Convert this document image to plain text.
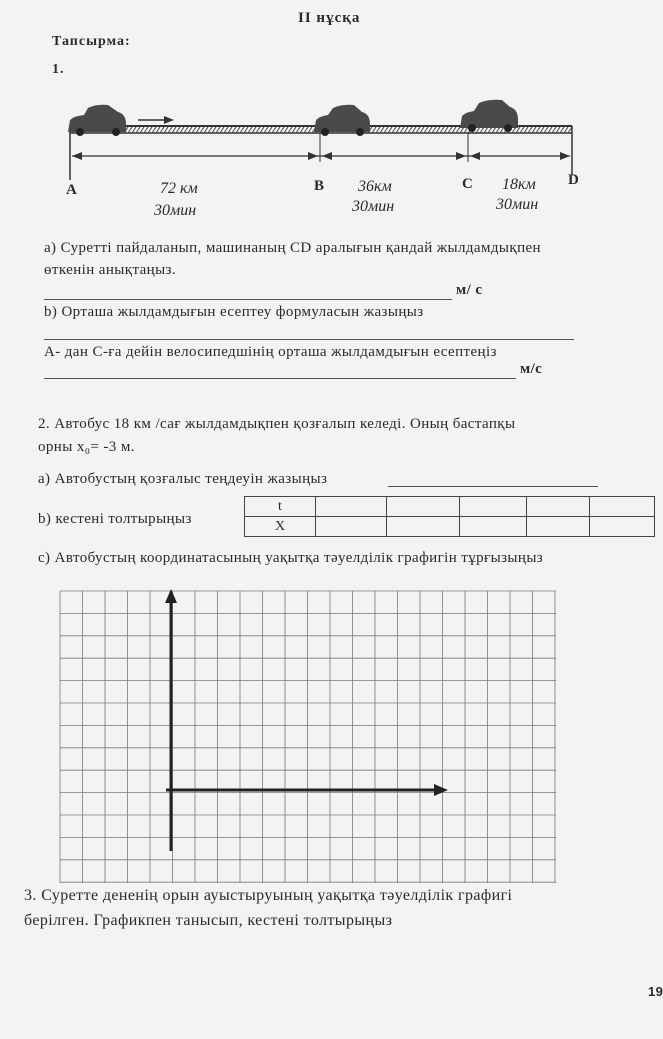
II нұсқа
Тапсырма:
1.
A	B	C	D
72 км
30мин
36км
30мин
18км
30мин
а) Суретті пайдаланып, машинаның CD аралығын қандай жылдамдықпен
өткенін анықтаңыз.
м/ с
b) Орташа жылдамдығын есептеу формуласын жазыңыз
А- дан С-ға дейін велосипедшінің орташа жылдамдығын есептеңіз
м/с
2. Автобус 18 км /сағ жылдамдықпен қозғалып келеді. Оның бастапқы
орны x₀= -3 м.
а) Автобустың қозғалыс теңдеуін жазыңыз
b) кестені толтырыңыз
t					
X					
c) Автобустың координатасының уақытқа тәуелділік графигін тұрғызыңыз
3. Суретте дененің орын ауыстыруының уақытқа тәуелділік графигі
берілген. Графикпен танысып, кестені толтырыңыз
19
